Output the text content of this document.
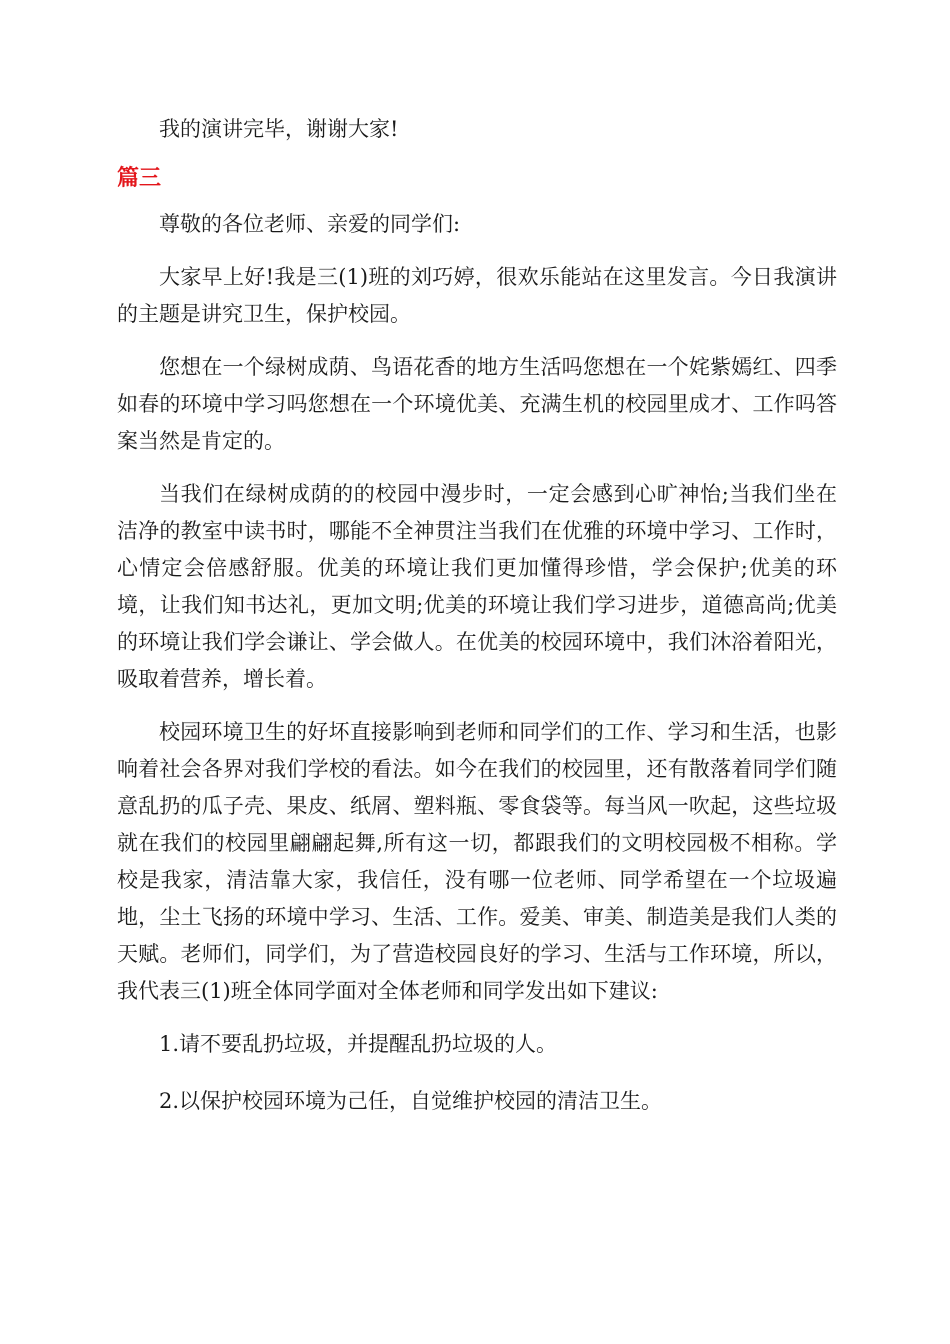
我的演讲完毕，谢谢大家!

篇三

尊敬的各位老师、亲爱的同学们:

大家早上好!我是三(1)班的刘巧婷，很欢乐能站在这里发言。今日我演讲的主题是讲究卫生，保护校园。

您想在一个绿树成荫、鸟语花香的地方生活吗您想在一个姹紫嫣红、四季如春的环境中学习吗您想在一个环境优美、充满生机的校园里成才、工作吗答案当然是肯定的。

当我们在绿树成荫的的校园中漫步时，一定会感到心旷神怡;当我们坐在洁净的教室中读书时，哪能不全神贯注当我们在优雅的环境中学习、工作时，心情定会倍感舒服。优美的环境让我们更加懂得珍惜，学会保护;优美的环境，让我们知书达礼，更加文明;优美的环境让我们学习进步，道德高尚;优美的环境让我们学会谦让、学会做人。在优美的校园环境中，我们沐浴着阳光，吸取着营养，增长着。

校园环境卫生的好坏直接影响到老师和同学们的工作、学习和生活，也影响着社会各界对我们学校的看法。如今在我们的校园里，还有散落着同学们随意乱扔的瓜子壳、果皮、纸屑、塑料瓶、零食袋等。每当风一吹起，这些垃圾就在我们的校园里翩翩起舞,所有这一切，都跟我们的文明校园极不相称。学校是我家，清洁靠大家，我信任，没有哪一位老师、同学希望在一个垃圾遍地，尘土飞扬的环境中学习、生活、工作。爱美、审美、制造美是我们人类的天赋。老师们，同学们，为了营造校园良好的学习、生活与工作环境，所以，我代表三(1)班全体同学面对全体老师和同学发出如下建议:

1.请不要乱扔垃圾，并提醒乱扔垃圾的人。

2.以保护校园环境为己任，自觉维护校园的清洁卫生。
